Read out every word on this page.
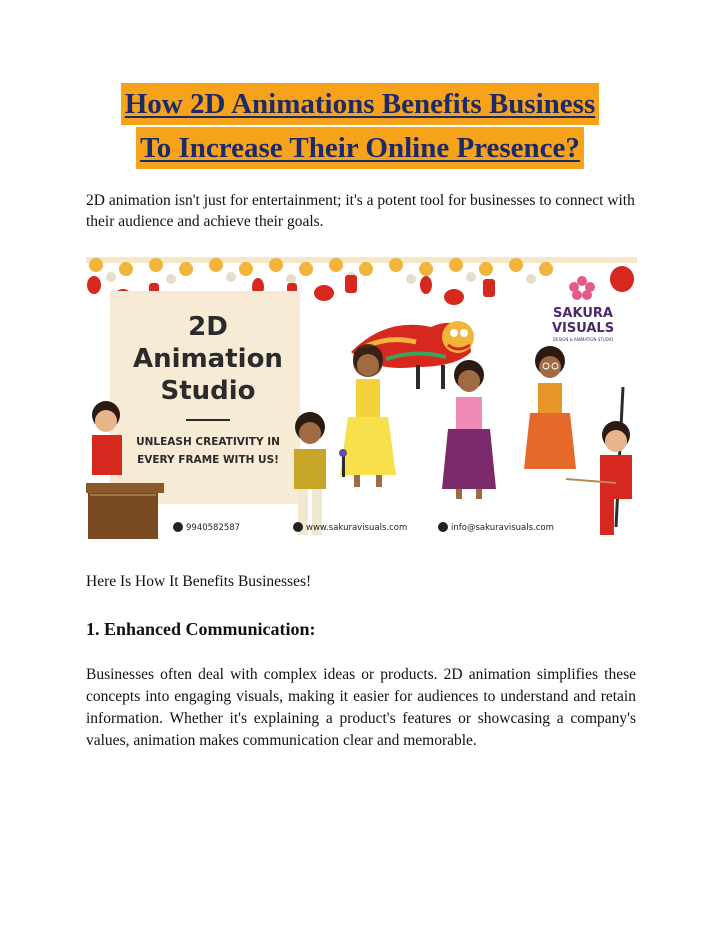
How 2D Animations Benefits Business
To Increase Their Online Presence?

2D animation isn't just for entertainment; it's a potent tool for businesses to connect with their audience and achieve their goals.

2D
Animation
Studio
UNLEASH CREATIVITY IN
EVERY FRAME WITH US!
SAKURA
VISUALS
DESIGN & ANIMATION STUDIO
9940582587	www.sakuravisuals.com	info@sakuravisuals.com

Here Is How It Benefits Businesses!

1. Enhanced Communication:

Businesses often deal with complex ideas or products. 2D animation simplifies these concepts into engaging visuals, making it easier for audiences to understand and retain information. Whether it's explaining a product's features or showcasing a company's values, animation makes communication clear and memorable.
